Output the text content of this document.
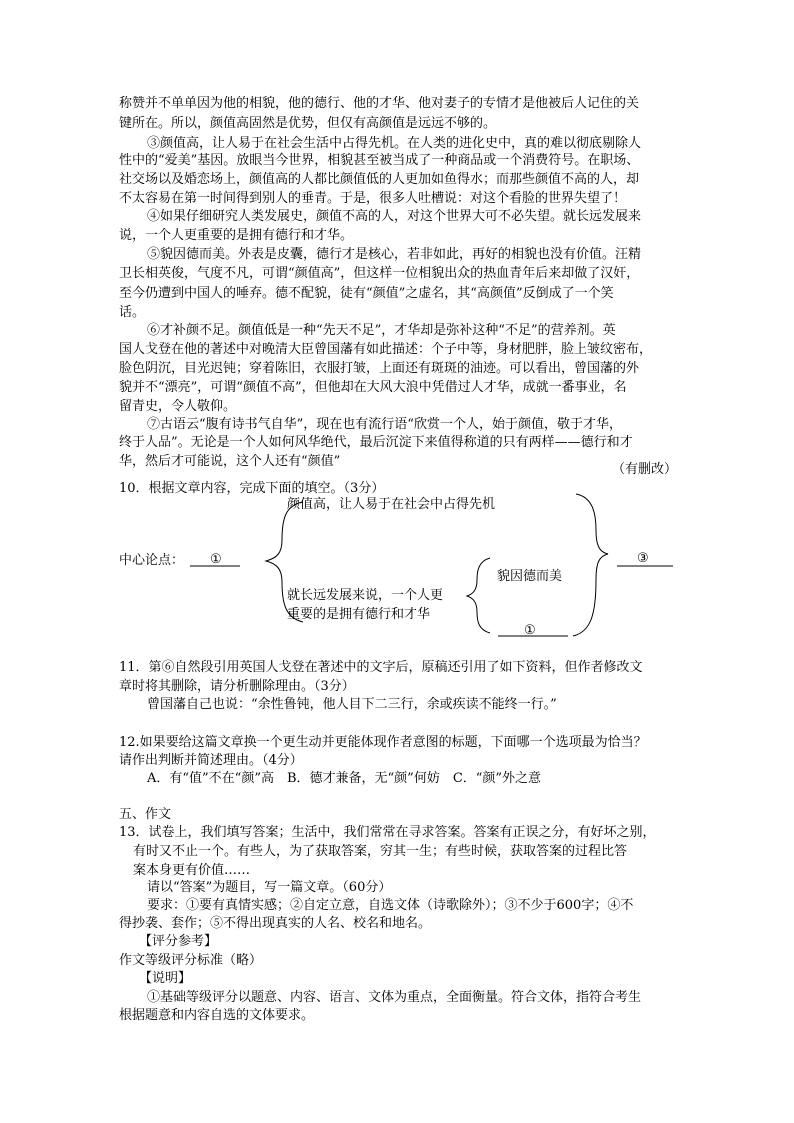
称赞并不单单因为他的相貌，他的德行、他的才华、他对妻子的专情才是他被后人记住的关
键所在。所以，颜值高固然是优势，但仅有高颜值是远远不够的。
③颜值高，让人易于在社会生活中占得先机。在人类的进化史中，真的难以彻底剔除人
性中的“爱美”基因。放眼当今世界，相貌甚至被当成了一种商品或一个消费符号。在职场、
社交场以及婚恋场上，颜值高的人都比颜值低的人更加如鱼得水；而那些颜值不高的人，却
不太容易在第一时间得到别人的垂青。于是，很多人吐槽说：对这个看脸的世界失望了！
④如果仔细研究人类发展史，颜值不高的人，对这个世界大可不必失望。就长远发展来
说，一个人更重要的是拥有德行和才华。
⑤貌因德而美。外表是皮囊，德行才是核心，若非如此，再好的相貌也没有价值。汪精
卫长相英俊，气度不凡，可谓“颜值高”，但这样一位相貌出众的热血青年后来却做了汉奸，
至今仍遭到中国人的唾弃。德不配貌，徒有“颜值”之虚名，其“高颜值”反倒成了一个笑
话。
⑥才补颜不足。颜值低是一种“先天不足”，才华却是弥补这种“不足”的营养剂。英
国人戈登在他的著述中对晚清大臣曾国藩有如此描述：个子中等，身材肥胖，脸上皱纹密布，
脸色阴沉，目光迟钝；穿着陈旧，衣服打皱，上面还有斑斑的油迹。可以看出，曾国藩的外
貌并不“漂亮”，可谓“颜值不高”，但他却在大风大浪中凭借过人才华，成就一番事业，名
留青史，令人敬仰。
⑦古语云“腹有诗书气自华”，现在也有流行语“欣赏一个人，始于颜值，敬于才华，
终于人品”。无论是一个人如何风华绝代，最后沉淀下来值得称道的只有两样——德行和才
华，然后才可能说，这个人还有“颜值”
（有删改）
10．根据文章内容，完成下面的填空。（3分）
中心论点： ①
颜值高，让人易于在社会中占得先机
就长远发展来说，一个人更
重要的是拥有德行和才华
貌因德而美
①
③
11．第⑥自然段引用英国人戈登在著述中的文字后，原稿还引用了如下资料，但作者修改文
章时将其删除，请分析删除理由。（3分）
曾国藩自己也说：“余性鲁钝，他人目下二三行，余或疾读不能终一行。”
12.如果要给这篇文章换一个更生动并更能体现作者意图的标题，下面哪一个选项最为恰当？
请作出判断并简述理由。（4分）
A．有“值”不在“颜”高　B．德才兼备，无“颜”何妨　C．“颜”外之意
五、作文
13．试卷上，我们填写答案；生活中，我们常常在寻求答案。答案有正误之分，有好坏之别，
有时又不止一个。有些人，为了获取答案，穷其一生；有些时候，获取答案的过程比答
案本身更有价值……
请以“答案”为题目，写一篇文章。（60分）
要求：①要有真情实感；②自定立意，自选文体（诗歌除外）；③不少于600字；④不
得抄袭、套作；⑤不得出现真实的人名、校名和地名。
【评分参考】
作文等级评分标准（略）
【说明】
①基础等级评分以题意、内容、语言、文体为重点，全面衡量。符合文体，指符合考生
根据题意和内容自选的文体要求。
